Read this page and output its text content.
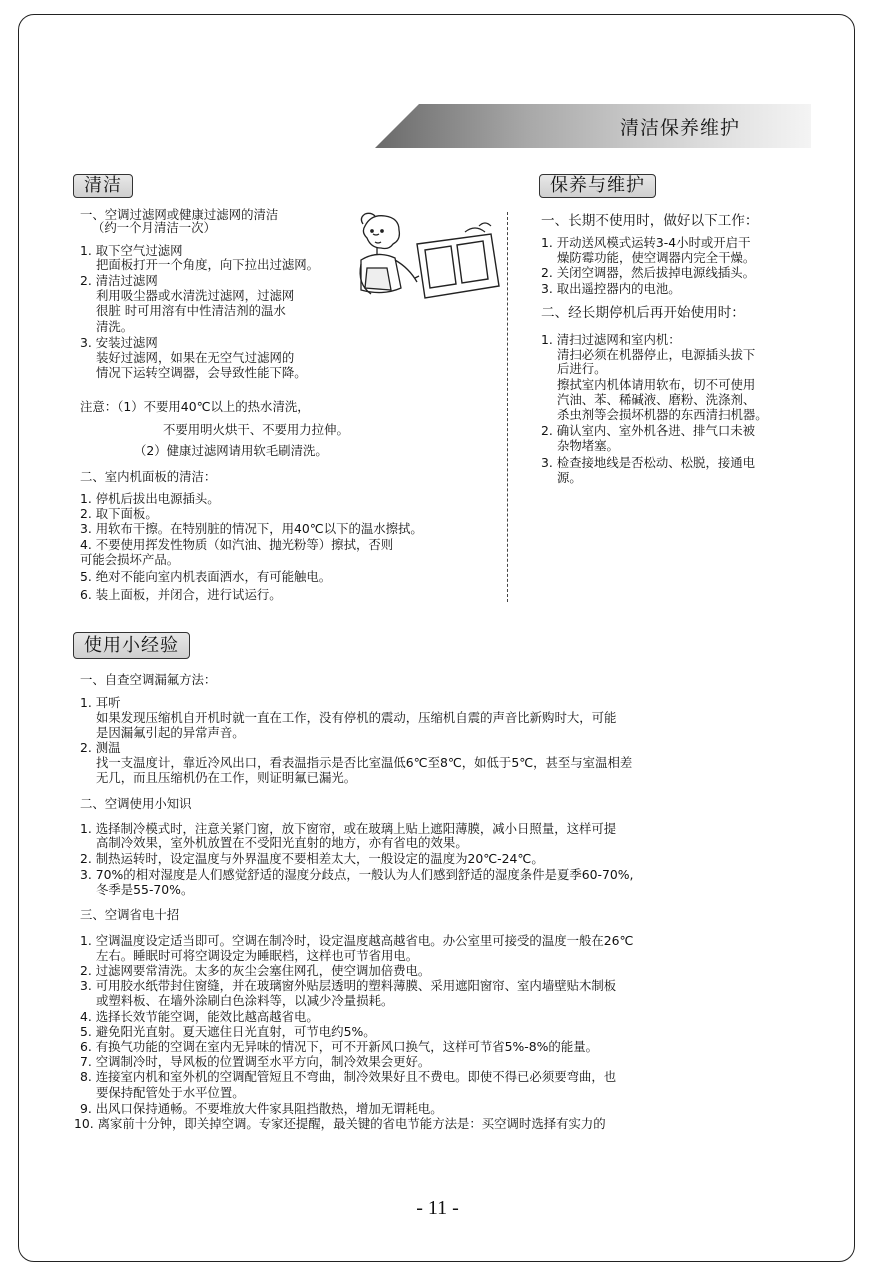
清洁保养维护
清洁	保养与维护
使用小经验
一、空调过滤网或健康过滤网的清洁
（约一个月清洁一次）
1. 取下空气过滤网
把面板打开一个角度，向下拉出过滤网。
2. 清洁过滤网
利用吸尘器或水清洗过滤网，过滤网
很脏 时可用溶有中性清洁剂的温水
清洗。
3. 安装过滤网
装好过滤网，如果在无空气过滤网的
情况下运转空调器，会导致性能下降。
注意：（1）不要用40℃以上的热水清洗，
不要用明火烘干、不要用力拉伸。
（2）健康过滤网请用软毛刷清洗。
二、室内机面板的清洁：
1. 停机后拔出电源插头。
2. 取下面板。
3. 用软布干擦。在特别脏的情况下，用40℃以下的温水擦拭。
4. 不要使用挥发性物质（如汽油、抛光粉等）擦拭，否则
可能会损坏产品。
5. 绝对不能向室内机表面洒水，有可能触电。
6. 装上面板，并闭合，进行试运行。
一、长期不使用时，做好以下工作：
1. 开动送风模式运转3-4小时或开启干
燥防霉功能，使空调器内完全干燥。
2. 关闭空调器，然后拔掉电源线插头。
3. 取出遥控器内的电池。
二、经长期停机后再开始使用时：
1. 清扫过滤网和室内机：
清扫必须在机器停止，电源插头拔下
后进行。
擦拭室内机体请用软布，切不可使用
汽油、苯、稀碱液、磨粉、洗涤剂、
杀虫剂等会损坏机器的东西清扫机器。
2. 确认室内、室外机各进、排气口未被
杂物堵塞。
3. 检查接地线是否松动、松脱，接通电
源。
一、自查空调漏氟方法：
1. 耳听
如果发现压缩机自开机时就一直在工作，没有停机的震动，压缩机自震的声音比新购时大，可能
是因漏氟引起的异常声音。
2. 测温
找一支温度计，靠近冷风出口，看表温指示是否比室温低6℃至8℃，如低于5℃，甚至与室温相差
无几，而且压缩机仍在工作，则证明氟已漏光。
二、空调使用小知识
1. 选择制冷模式时，注意关紧门窗，放下窗帘，或在玻璃上贴上遮阳薄膜，减小日照量，这样可提
高制冷效果，室外机放置在不受阳光直射的地方，亦有省电的效果。
2. 制热运转时，设定温度与外界温度不要相差太大，一般设定的温度为20℃-24℃。
3. 70%的相对湿度是人们感觉舒适的湿度分歧点，一般认为人们感到舒适的湿度条件是夏季60-70%,
冬季是55-70%。
三、空调省电十招
1. 空调温度设定适当即可。空调在制冷时，设定温度越高越省电。办公室里可接受的温度一般在26℃
左右。睡眠时可将空调设定为睡眠档，这样也可节省用电。
2. 过滤网要常清洗。太多的灰尘会塞住网孔，使空调加倍费电。
3. 可用胶水纸带封住窗缝，并在玻璃窗外贴层透明的塑料薄膜、采用遮阳窗帘、室内墙壁贴木制板
或塑料板、在墙外涂刷白色涂料等，以减少冷量损耗。
4. 选择长效节能空调，能效比越高越省电。
5. 避免阳光直射。夏天遮住日光直射，可节电约5%。
6. 有换气功能的空调在室内无异味的情况下，可不开新风口换气，这样可节省5%-8%的能量。
7. 空调制冷时，导风板的位置调至水平方向，制冷效果会更好。
8. 连接室内机和室外机的空调配管短且不弯曲，制冷效果好且不费电。即使不得已必须要弯曲，也
要保持配管处于水平位置。
9. 出风口保持通畅。不要堆放大件家具阻挡散热，增加无谓耗电。
10. 离家前十分钟，即关掉空调。专家还提醒，最关键的省电节能方法是：买空调时选择有实力的
- 11 -
